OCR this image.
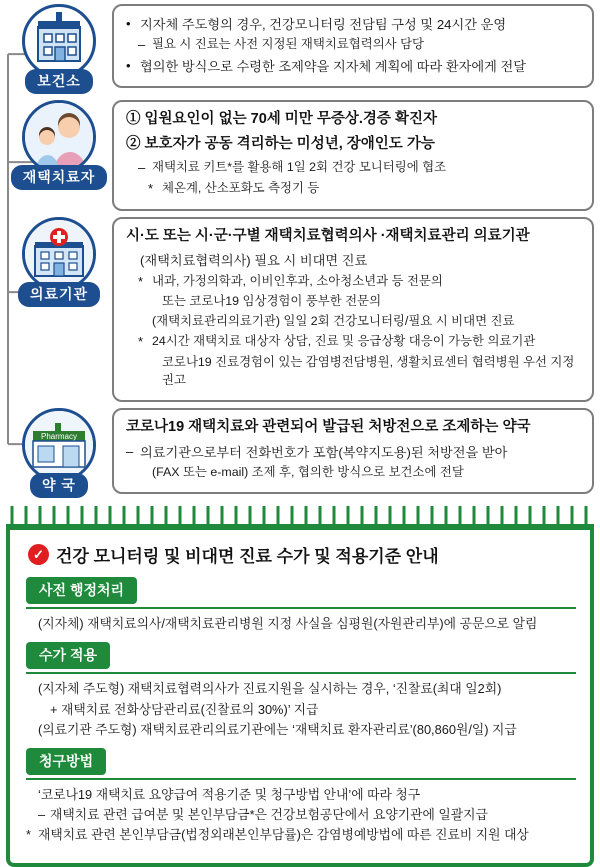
보건소
• 지자체 주도형의 경우, 건강모니터링 전담팀 구성 및 24시간 운영
– 필요 시 진료는 사전 지정된 재택치료협력의사 담당
• 협의한 방식으로 수령한 조제약을 지자체 계획에 따라 환자에게 전달
재택치료자
① 입원요인이 없는 70세 미만 무증상.경증 확진자
② 보호자가 공동 격리하는 미성년, 장애인도 가능
– 재택치료 키트*를 활용해 1일 2회 건강 모니터링에 협조
* 체온계, 산소포화도 측정기 등
의료기관
시·도 또는 시·군·구별 재택치료협력의사 ·재택치료관리 의료기관
(재택치료협력의사) 필요 시 비대면 진료
* 내과, 가정의학과, 이비인후과, 소아청소년과 등 전문의
또는 코로나19 임상경험이 풍부한 전문의
(재택치료관리의료기관) 일일 2회 건강모니터링/필요 시 비대면 진료
* 24시간 재택치료 대상자 상담, 진료 및 응급상황 대응이 가능한 의료기관
코로나19 진료경험이 있는 감염병전담병원, 생활치료센터 협력병원 우선 지정 권고
Pharmacy
약 국
코로나19 재택치료와 관련되어 발급된 처방전으로 조제하는 약국
– 의료기관으로부터 전화번호가 포함(복약지도용)된 처방전을 받아
(FAX 또는 e-mail) 조제 후, 협의한 방식으로 보건소에 전달
✓ 건강 모니터링 및 비대면 진료 수가 및 적용기준 안내
사전 행정처리
(지자체) 재택치료의사/재택치료관리병원 지정 사실을 심평원(자원관리부)에 공문으로 알림
수가 적용
(지자체 주도형) 재택치료협력의사가 진료지원을 실시하는 경우, ‘진찰료(최대 일2회)
+ 재택치료 전화상담관리료(진찰료의 30%)’ 지급
(의료기관 주도형) 재택치료관리의료기관에는 ‘재택치료 환자관리료’(80,860원/일) 지급
청구방법
‘코로나19 재택치료 요양급여 적용기준 및 청구방법 안내’에 따라 청구
– 재택치료 관련 급여분 및 본인부담금*은 건강보험공단에서 요양기관에 일괄지급
* 재택치료 관련 본인부담금(법정외래본인부담률)은 감염병예방법에 따른 진료비 지원 대상
